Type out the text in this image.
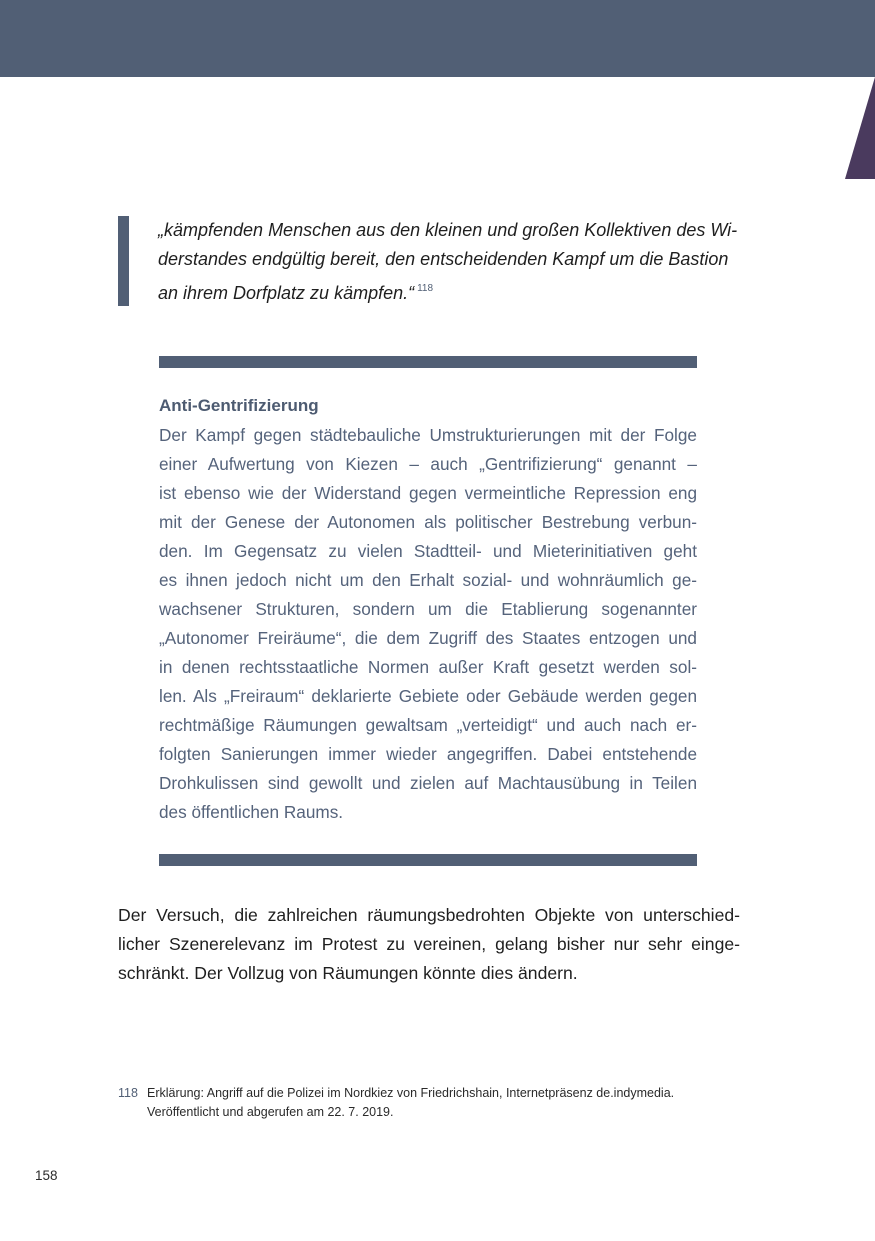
„kämpfenden Menschen aus den kleinen und großen Kollektiven des Wi-
derstandes endgültig bereit, den entscheidenden Kampf um die Bastion
an ihrem Dorfplatz zu kämpfen.“ $^{118}$
Anti-Gentrifizierung
Der Kampf gegen städtebauliche Umstrukturierungen mit der Folge
einer Aufwertung von Kiezen – auch „Gentrifizierung“ genannt –
ist ebenso wie der Widerstand gegen vermeintliche Repression eng
mit der Genese der Autonomen als politischer Bestrebung verbun-
den. Im Gegensatz zu vielen Stadtteil- und Mieterinitiativen geht
es ihnen jedoch nicht um den Erhalt sozial- und wohnräumlich ge-
wachsener Strukturen, sondern um die Etablierung sogenannter
„Autonomer Freiräume“, die dem Zugriff des Staates entzogen und
in denen rechtsstaatliche Normen außer Kraft gesetzt werden sol-
len. Als „Freiraum“ deklarierte Gebiete oder Gebäude werden gegen
rechtmäßige Räumungen gewaltsam „verteidigt“ und auch nach er-
folgten Sanierungen immer wieder angegriffen. Dabei entstehende
Drohkulissen sind gewollt und zielen auf Machtausübung in Teilen
des öffentlichen Raums.
Der Versuch, die zahlreichen räumungsbedrohten Objekte von unterschied-
licher Szenerelevanz im Protest zu vereinen, gelang bisher nur sehr einge-
schränkt. Der Vollzug von Räumungen könnte dies ändern.
118 Erklärung: Angriff auf die Polizei im Nordkiez von Friedrichshain, Internetpräsenz de.indymedia.
Veröffentlicht und abgerufen am 22. 7. 2019.
158
